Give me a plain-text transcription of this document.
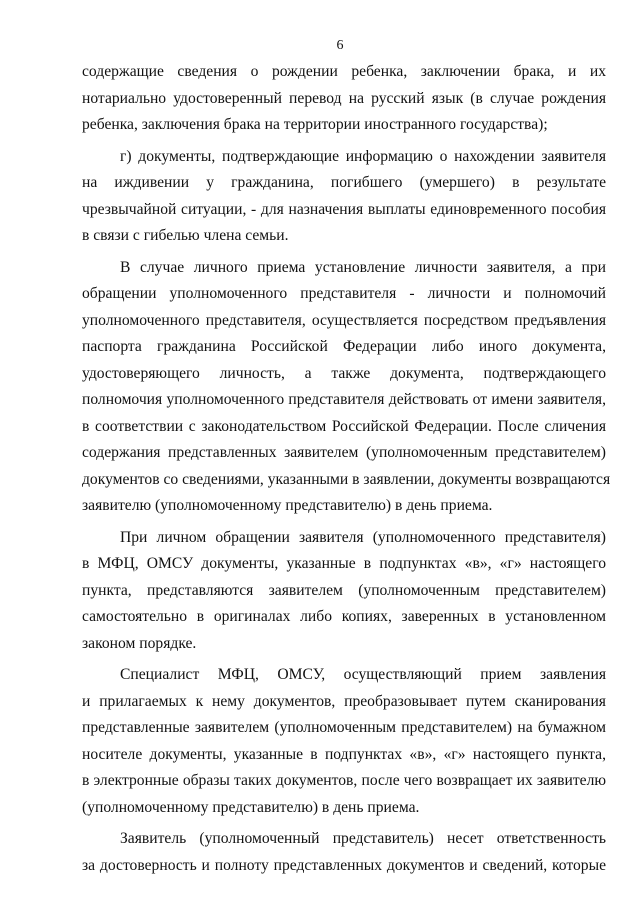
6
содержащие сведения о рождении ребенка, заключении брака, и их
нотариально удостоверенный перевод на русский язык (в случае рождения
ребенка, заключения брака на территории иностранного государства);
г) документы, подтверждающие информацию о нахождении заявителя
на иждивении у гражданина, погибшего (умершего) в результате
чрезвычайной ситуации, - для назначения выплаты единовременного пособия
в связи с гибелью члена семьи.
В случае личного приема установление личности заявителя, а при
обращении уполномоченного представителя - личности и полномочий
уполномоченного представителя, осуществляется посредством предъявления
паспорта гражданина Российской Федерации либо иного документа,
удостоверяющего личность, а также документа, подтверждающего
полномочия уполномоченного представителя действовать от имени заявителя,
в соответствии с законодательством Российской Федерации. После сличения
содержания представленных заявителем (уполномоченным представителем)
документов со сведениями, указанными в заявлении, документы возвращаются
заявителю (уполномоченному представителю) в день приема.
При личном обращении заявителя (уполномоченного представителя)
в МФЦ, ОМСУ документы, указанные в подпунктах «в», «г» настоящего
пункта, представляются заявителем (уполномоченным представителем)
самостоятельно в оригиналах либо копиях, заверенных в установленном
законом порядке.
Специалист МФЦ, ОМСУ, осуществляющий прием заявления
и прилагаемых к нему документов, преобразовывает путем сканирования
представленные заявителем (уполномоченным представителем) на бумажном
носителе документы, указанные в подпунктах «в», «г» настоящего пункта,
в электронные образы таких документов, после чего возвращает их заявителю
(уполномоченному представителю) в день приема.
Заявитель (уполномоченный представитель) несет ответственность
за достоверность и полноту представленных документов и сведений, которые
